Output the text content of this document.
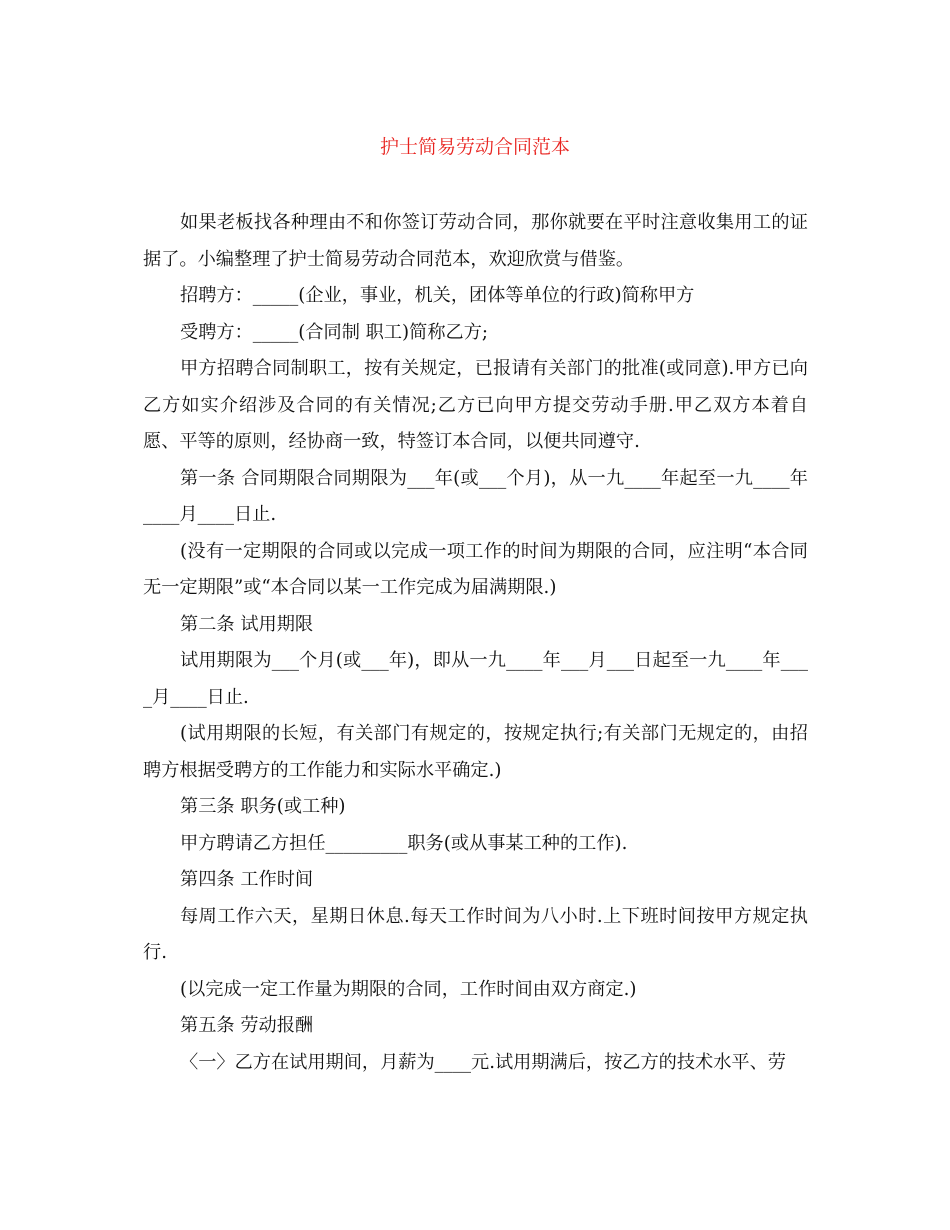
护士简易劳动合同范本

如果老板找各种理由不和你签订劳动合同，那你就要在平时注意收集用工的证据了。小编整理了护士简易劳动合同范本，欢迎欣赏与借鉴。

招聘方：_____(企业，事业，机关，团体等单位的行政)简称甲方

受聘方：_____(合同制 职工)简称乙方;

甲方招聘合同制职工，按有关规定，已报请有关部门的批准(或同意).甲方已向乙方如实介绍涉及合同的有关情况;乙方已向甲方提交劳动手册.甲乙双方本着自愿、平等的原则，经协商一致，特签订本合同，以便共同遵守.

第一条 合同期限合同期限为___年(或___个月)，从一九____年起至一九____年____月____日止.

(没有一定期限的合同或以完成一项工作的时间为期限的合同，应注明“本合同无一定期限”或“本合同以某一工作完成为届满期限.)

第二条 试用期限

试用期限为___个月(或___年)，即从一九____年___月___日起至一九____年____月____日止.

(试用期限的长短，有关部门有规定的，按规定执行;有关部门无规定的，由招聘方根据受聘方的工作能力和实际水平确定.)

第三条 职务(或工种)

甲方聘请乙方担任_________职务(或从事某工种的工作).

第四条 工作时间

每周工作六天，星期日休息.每天工作时间为八小时.上下班时间按甲方规定执行.

(以完成一定工作量为期限的合同，工作时间由双方商定.)

第五条 劳动报酬

〈一〉乙方在试用期间，月薪为____元.试用期满后，按乙方的技术水平、劳
